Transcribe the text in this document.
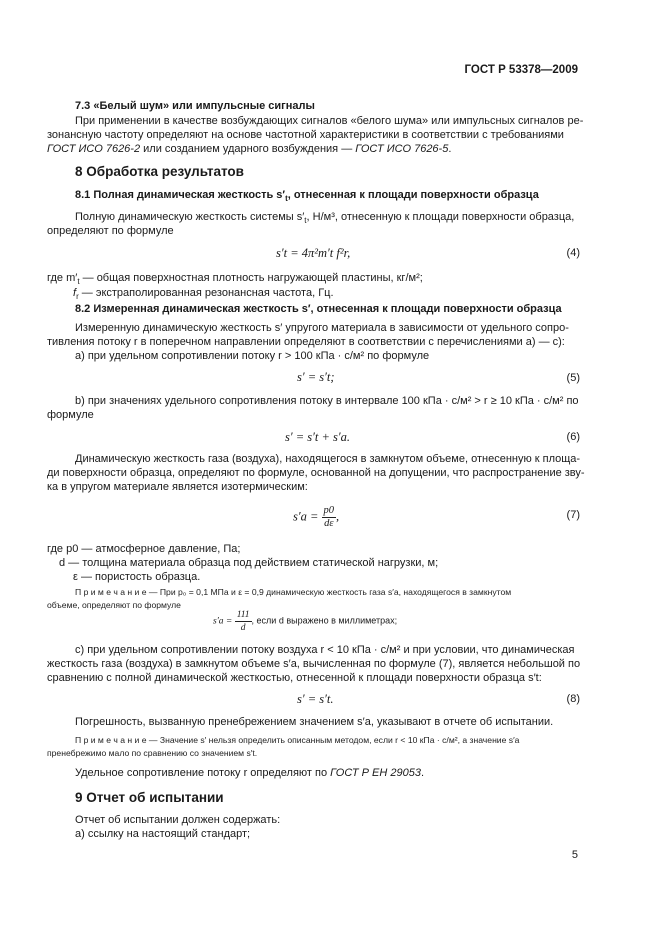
ГОСТ Р 53378—2009
7.3 «Белый шум» или импульсные сигналы
При применении в качестве возбуждающих сигналов «белого шума» или импульсных сигналов ре-
зонансную частоту определяют на основе частотной характеристики в соответствии с требованиями
ГОСТ ИСО 7626-2 или созданием ударного возбуждения — ГОСТ ИСО 7626-5.
8 Обработка результатов
8.1 Полная динамическая жесткость $s'_t$, отнесенная к площади поверхности образца
Полную динамическую жесткость системы $s'_t$, Н/м³, отнесенную к площади поверхности образца,
определяют по формуле
s′t = 4π²m′t f²r,	(4)
где $m'_t$ — общая поверхностная плотность нагружающей пластины, кг/м²;
$f_r$ — экстраполированная резонансная частота, Гц.
8.2 Измеренная динамическая жесткость s′, отнесенная к площади поверхности образца
Измеренную динамическую жесткость s′ упругого материала в зависимости от удельного сопро-
тивления потоку r в поперечном направлении определяют в соответствии с перечислениями а) — с):
а) при удельном сопротивлении потоку r > 100 кПа · с/м² по формуле
s′ = s′t;	(5)
b) при значениях удельного сопротивления потоку в интервале 100 кПа · с/м² > r ≥ 10 кПа · с/м² по
формуле
s′ = s′t + s′a.	(6)
Динамическую жесткость газа (воздуха), находящегося в замкнутом объеме, отнесенную к площа-
ди поверхности образца, определяют по формуле, основанной на допущении, что распространение зву-
ка в упругом материале является изотермическим:
$s'a = \frac{p0}{d\varepsilon}$ ,	(7)
где p0 — атмосферное давление, Па;
d — толщина материала образца под действием статической нагрузки, м;
ε — пористость образца.
П р и м е ч а н и е — При p₀ = 0,1 МПа и ε = 0,9 динамическую жесткость газа s′a, находящегося в замкнутом
объеме, определяют по формуле
$s'a = \frac{111}{d}$ , если d выражено в миллиметрах;
с) при удельном сопротивлении потоку воздуха r < 10 кПа · с/м² и при условии, что динамическая
жесткость газа (воздуха) в замкнутом объеме s′a, вычисленная по формуле (7), является небольшой по
сравнению с полной динамической жесткостью, отнесенной к площади поверхности образца s′t:
s′ = s′t.	(8)
Погрешность, вызванную пренебрежением значением s′a, указывают в отчете об испытании.
П р и м е ч а н и е — Значение s′ нельзя определить описанным методом, если r < 10 кПа · с/м², а значение s′a
пренебрежимо мало по сравнению со значением s′t.
Удельное сопротивление потоку r определяют по ГОСТ Р ЕН 29053.
9 Отчет об испытании
Отчет об испытании должен содержать:
а) ссылку на настоящий стандарт;
5
